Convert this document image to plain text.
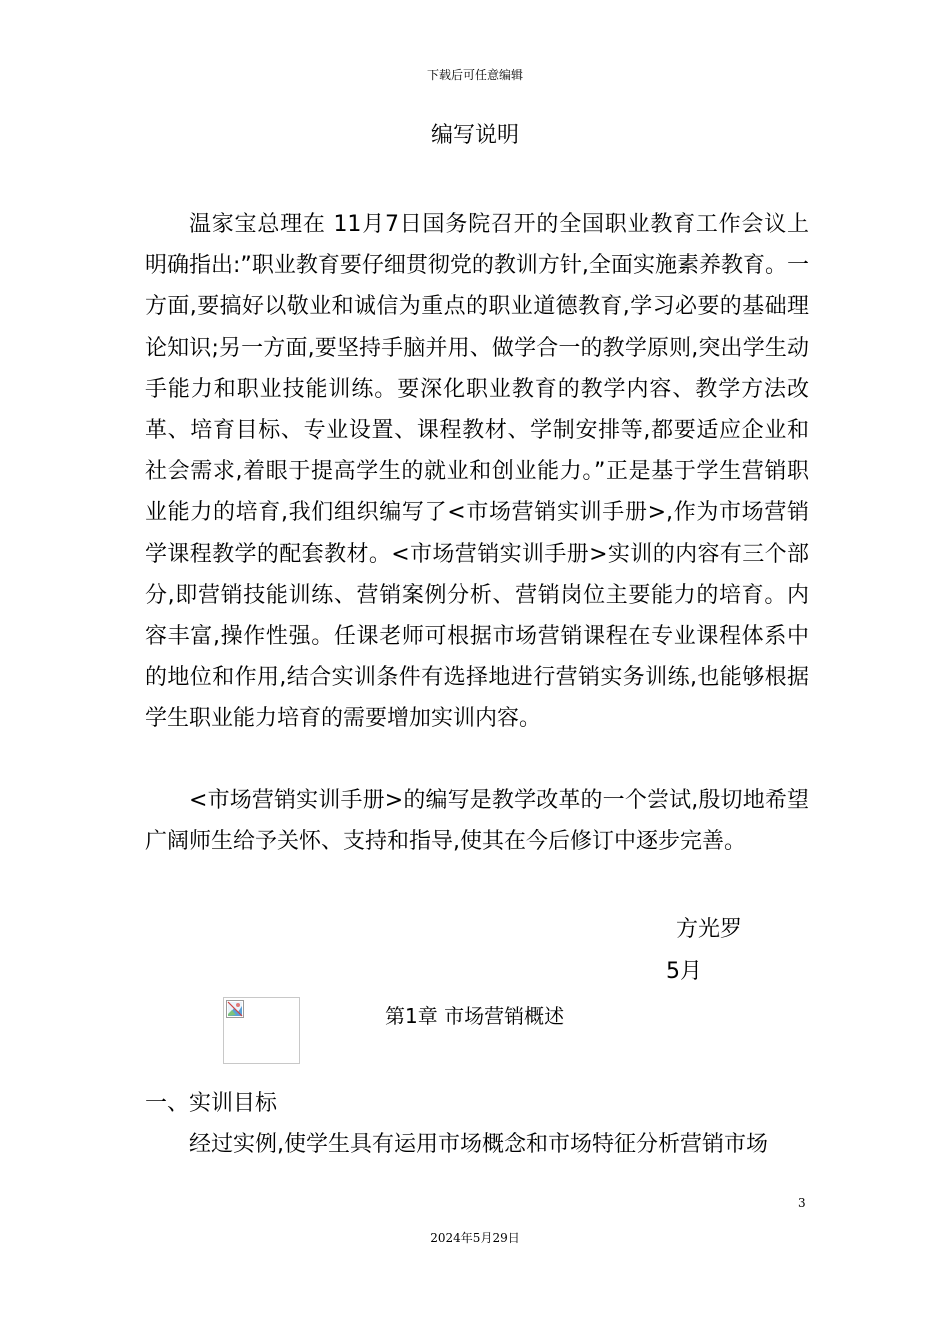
下载后可任意编辑
编写说明
温家宝总理在 11月7日国务院召开的全国职业教育工作会议上明确指出:”职业教育要仔细贯彻党的教训方针,全面实施素养教育。一方面,要搞好以敬业和诚信为重点的职业道德教育,学习必要的基础理论知识;另一方面,要坚持手脑并用、做学合一的教学原则,突出学生动手能力和职业技能训练。要深化职业教育的教学内容、教学方法改革、培育目标、专业设置、课程教材、学制安排等,都要适应企业和社会需求,着眼于提高学生的就业和创业能力。”正是基于学生营销职业能力的培育,我们组织编写了<市场营销实训手册>,作为市场营销学课程教学的配套教材。<市场营销实训手册>实训的内容有三个部分,即营销技能训练、营销案例分析、营销岗位主要能力的培育。内容丰富,操作性强。任课老师可根据市场营销课程在专业课程体系中的地位和作用,结合实训条件有选择地进行营销实务训练,也能够根据学生职业能力培育的需要增加实训内容。
<市场营销实训手册>的编写是教学改革的一个尝试,殷切地希望广阔师生给予关怀、支持和指导,使其在今后修订中逐步完善。
方光罗
5月
第1章 市场营销概述
一、实训目标
经过实例,使学生具有运用市场概念和市场特征分析营销市场
3
2024年5月29日
